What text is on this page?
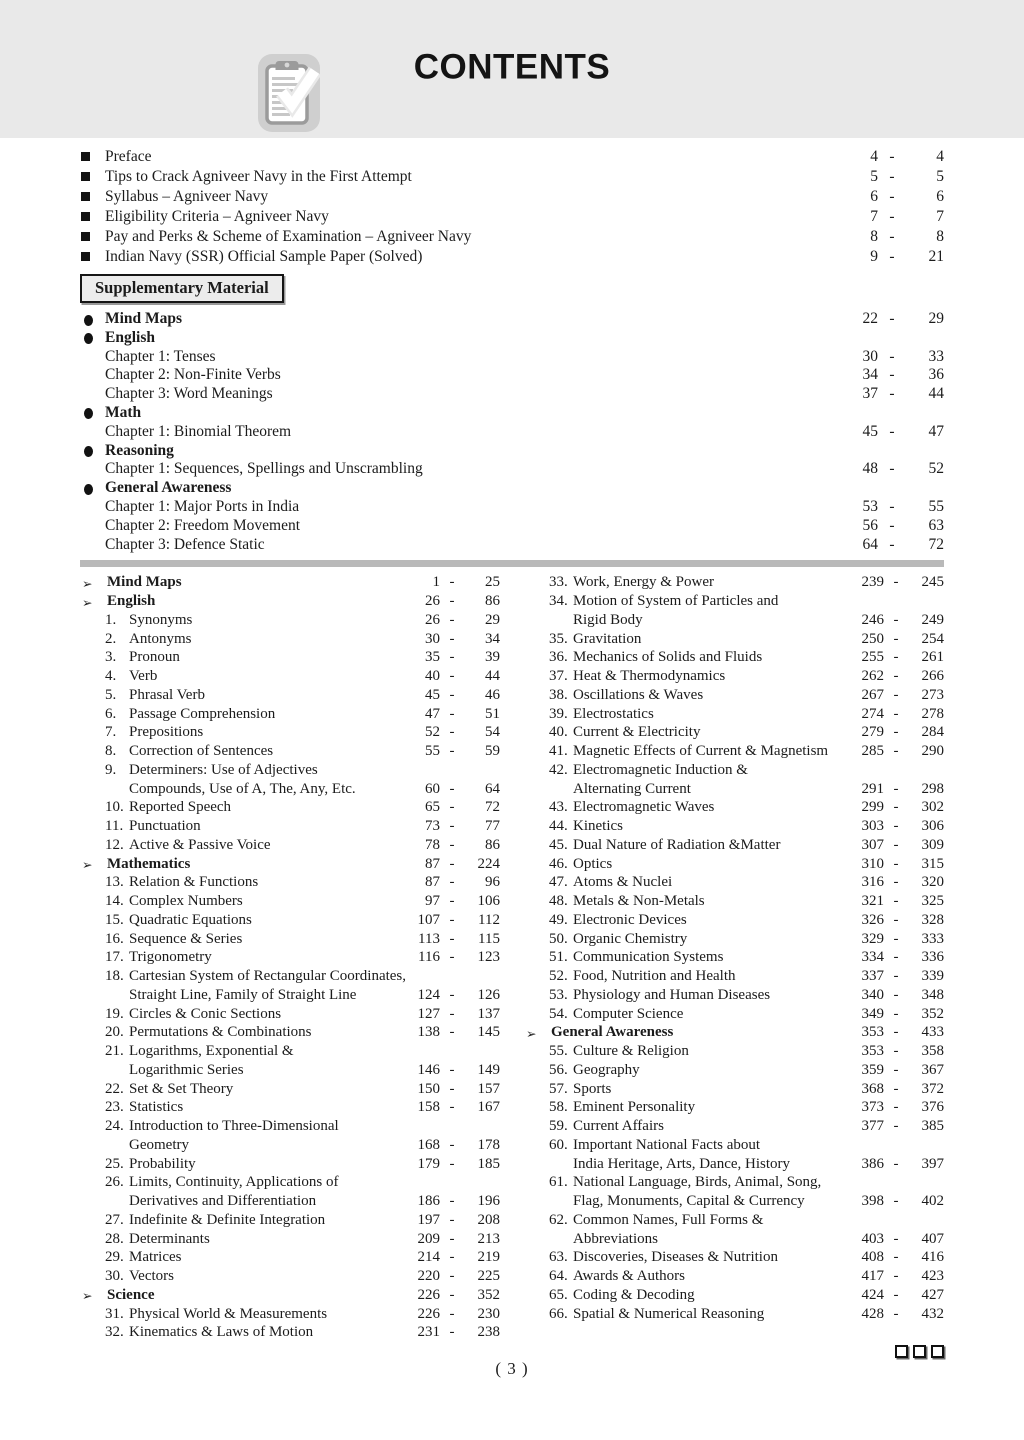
CONTENTS
Preface	4 -	4
Tips to Crack Agniveer Navy in the First Attempt	5 -	5
Syllabus – Agniveer Navy	6 -	6
Eligibility Criteria – Agniveer Navy	7 -	7
Pay and Perks & Scheme of Examination – Agniveer Navy	8 -	8
Indian Navy (SSR) Official Sample Paper (Solved)	9 -	21
Supplementary Material
Mind Maps	22 -	29
English
Chapter 1: Tenses	30 -	33
Chapter 2: Non-Finite Verbs	34 -	36
Chapter 3: Word Meanings	37 -	44
Math
Chapter 1: Binomial Theorem	45 -	47
Reasoning
Chapter 1: Sequences, Spellings and Unscrambling	48 -	52
General Awareness
Chapter 1: Major Ports in India	53 -	55
Chapter 2: Freedom Movement	56 -	63
Chapter 3: Defence Static	64 -	72
➢ Mind Maps	1 -	25
➢ English	26 -	86
1. Synonyms	26 -	29
2. Antonyms	30 -	34
3. Pronoun	35 -	39
4. Verb	40 -	44
5. Phrasal Verb	45 -	46
6. Passage Comprehension	47 -	51
7. Prepositions	52 -	54
8. Correction of Sentences	55 -	59
9. Determiners: Use of Adjectives
Compounds, Use of A, The, Any, Etc.	60 -	64
10. Reported Speech	65 -	72
11. Punctuation	73 -	77
12. Active & Passive Voice	78 -	86
➢ Mathematics	87 -	224
13. Relation & Functions	87 -	96
14. Complex Numbers	97 -	106
15. Quadratic Equations	107 -	112
16. Sequence & Series	113 -	115
17. Trigonometry	116 -	123
18. Cartesian System of Rectangular Coordinates,
Straight Line, Family of Straight Line	124 -	126
19. Circles & Conic Sections	127 -	137
20. Permutations & Combinations	138 -	145
21. Logarithms, Exponential &
Logarithmic Series	146 -	149
22. Set & Set Theory	150 -	157
23. Statistics	158 -	167
24. Introduction to Three-Dimensional
Geometry	168 -	178
25. Probability	179 -	185
26. Limits, Continuity, Applications of
Derivatives and Differentiation	186 -	196
27. Indefinite & Definite Integration	197 -	208
28. Determinants	209 -	213
29. Matrices	214 -	219
30. Vectors	220 -	225
➢ Science	226 -	352
31. Physical World & Measurements	226 -	230
32. Kinematics & Laws of Motion	231 -	238
33. Work, Energy & Power	239 -	245
34. Motion of System of Particles and
Rigid Body	246 -	249
35. Gravitation	250 -	254
36. Mechanics of Solids and Fluids	255 -	261
37. Heat & Thermodynamics	262 -	266
38. Oscillations & Waves	267 -	273
39. Electrostatics	274 -	278
40. Current & Electricity	279 -	284
41. Magnetic Effects of Current & Magnetism	285 -	290
42. Electromagnetic Induction &
Alternating Current	291 -	298
43. Electromagnetic Waves	299 -	302
44. Kinetics	303 -	306
45. Dual Nature of Radiation &Matter	307 -	309
46. Optics	310 -	315
47. Atoms & Nuclei	316 -	320
48. Metals & Non-Metals	321 -	325
49. Electronic Devices	326 -	328
50. Organic Chemistry	329 -	333
51. Communication Systems	334 -	336
52. Food, Nutrition and Health	337 -	339
53. Physiology and Human Diseases	340 -	348
54. Computer Science	349 -	352
➢ General Awareness	353 -	433
55. Culture & Religion	353 -	358
56. Geography	359 -	367
57. Sports	368 -	372
58. Eminent Personality	373 -	376
59. Current Affairs	377 -	385
60. Important National Facts about
India Heritage, Arts, Dance, History	386 -	397
61. National Language, Birds, Animal, Song,
Flag, Monuments, Capital & Currency	398 -	402
62. Common Names, Full Forms &
Abbreviations	403 -	407
63. Discoveries, Diseases & Nutrition	408 -	416
64. Awards & Authors	417 -	423
65. Coding & Decoding	424 -	427
66. Spatial & Numerical Reasoning	428 -	432
( 3 )
